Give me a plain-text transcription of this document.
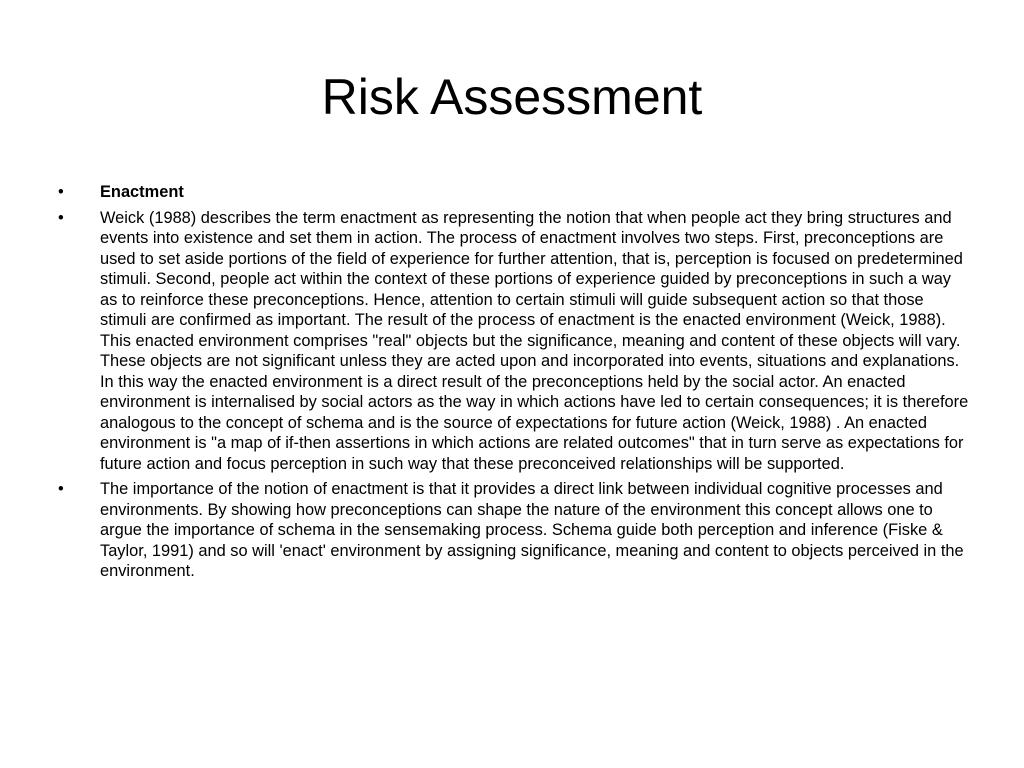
Risk Assessment
•	Enactment
•	Weick (1988) describes the term enactment as representing the notion that when people act they bring structures and events into existence and set them in action. The process of enactment involves two steps. First, preconceptions are used to set aside portions of the field of experience for further attention, that is, perception is focused on predetermined stimuli. Second, people act within the context of these portions of experience guided by preconceptions in such a way as to reinforce these preconceptions. Hence, attention to certain stimuli will guide subsequent action so that those stimuli are confirmed as important. The result of the process of enactment is the enacted environment (Weick, 1988). This enacted environment comprises "real" objects but the significance, meaning and content of these objects will vary. These objects are not significant unless they are acted upon and incorporated into events, situations and explanations. In this way the enacted environment is a direct result of the preconceptions held by the social actor. An enacted environment is internalised by social actors as the way in which actions have led to certain consequences; it is therefore analogous to the concept of schema and is the source of expectations for future action (Weick, 1988) . An enacted environment is "a map of if-then assertions in which actions are related outcomes" that in turn serve as expectations for future action and focus perception in such way that these preconceived relationships will be supported.
•	The importance of the notion of enactment is that it provides a direct link between individual cognitive processes and environments. By showing how preconceptions can shape the nature of the environment this concept allows one to argue the importance of schema in the sensemaking process. Schema guide both perception and inference (Fiske & Taylor, 1991) and so will 'enact' environment by assigning significance, meaning and content to objects perceived in the environment.
